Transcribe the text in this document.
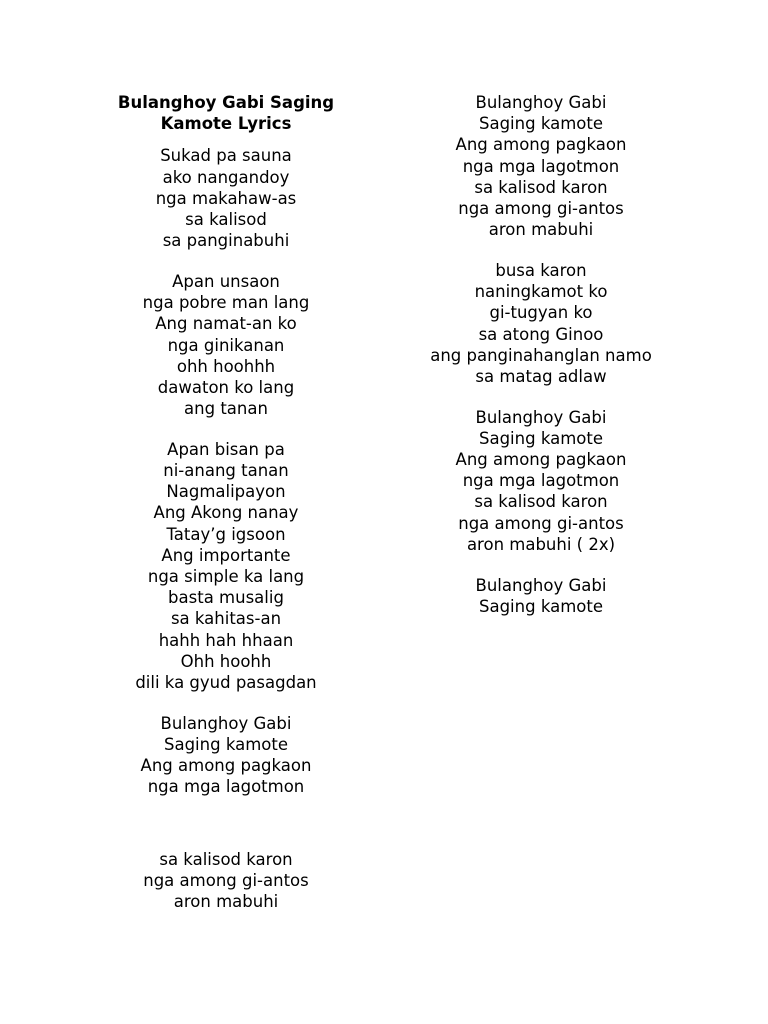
Bulanghoy Gabi Saging
Kamote Lyrics
Sukad pa sauna
ako nangandoy
nga makahaw-as
sa kalisod
sa panginabuhi
Apan unsaon
nga pobre man lang
Ang namat-an ko
nga ginikanan
ohh hoohhh
dawaton ko lang
ang tanan
Apan bisan pa
ni-anang tanan
Nagmalipayon
Ang Akong nanay
Tatay’g igsoon
Ang importante
nga simple ka lang
basta musalig
sa kahitas-an
hahh hah hhaan
Ohh hoohh
dili ka gyud pasagdan
Bulanghoy Gabi
Saging kamote
Ang among pagkaon
nga mga lagotmon
sa kalisod karon
nga among gi-antos
aron mabuhi
Bulanghoy Gabi
Saging kamote
Ang among pagkaon
nga mga lagotmon
sa kalisod karon
nga among gi-antos
aron mabuhi
busa karon
naningkamot ko
gi-tugyan ko
sa atong Ginoo
ang panginahanglan namo
sa matag adlaw
Bulanghoy Gabi
Saging kamote
Ang among pagkaon
nga mga lagotmon
sa kalisod karon
nga among gi-antos
aron mabuhi ( 2x)
Bulanghoy Gabi
Saging kamote
